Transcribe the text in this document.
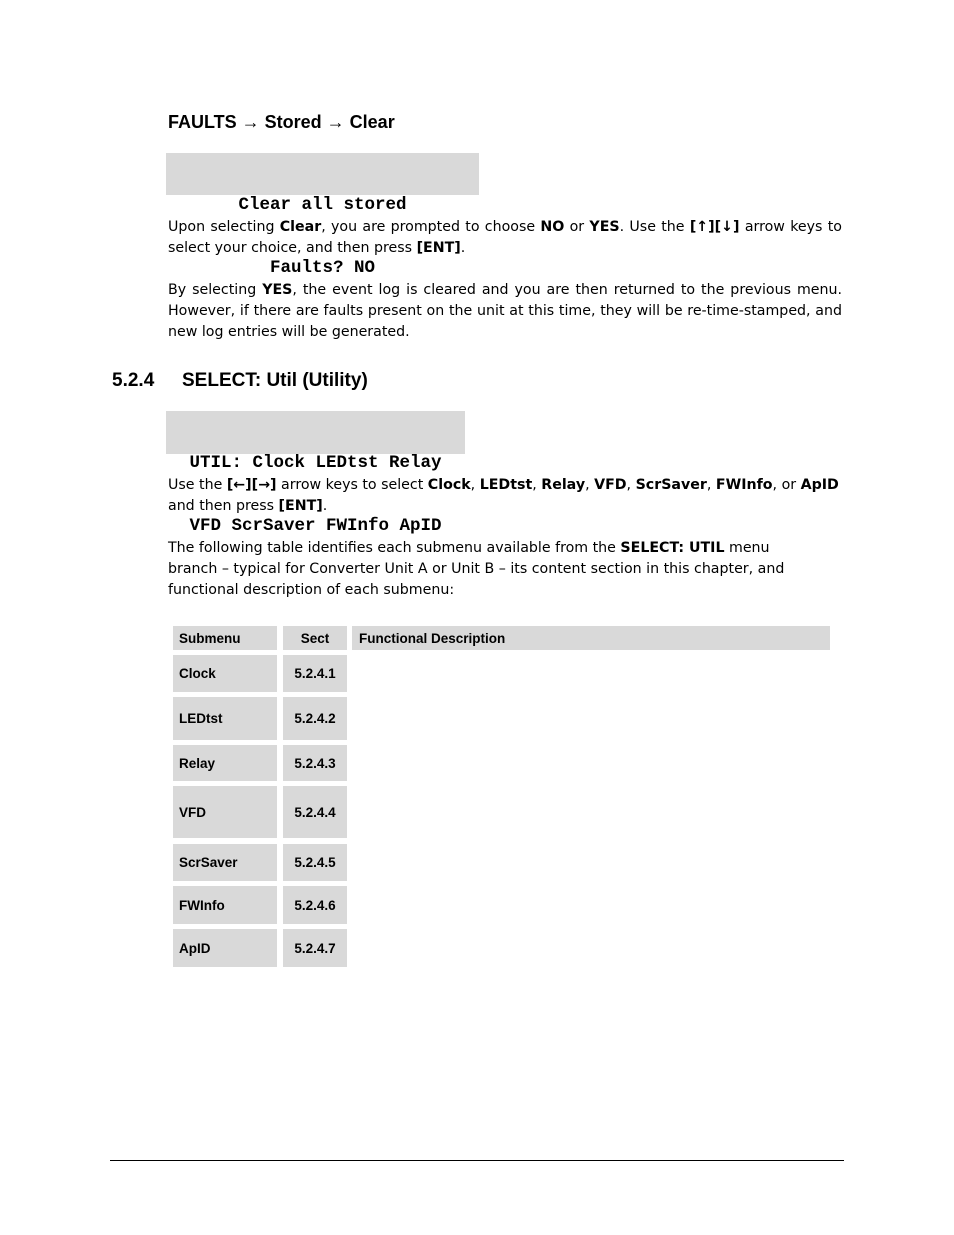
FAULTS → Stored → Clear

Clear all stored

Faults? NO

Upon selecting Clear, you are prompted to choose NO or YES. Use the [↑][↓] arrow keys to select your choice, and then press [ENT].
By selecting YES, the event log is cleared and you are then returned to the previous menu. However, if there are faults present on the unit at this time, they will be re-time-stamped, and new log entries will be generated.
5.2.4 SELECT: Util (Utility)

UTIL: Clock LEDtst Relay

VFD ScrSaver FWInfo ApID

Use the [←][→] arrow keys to select Clock, LEDtst, Relay, VFD, ScrSaver, FWInfo, or ApID and then press [ENT].
The following table identifies each submenu available from the SELECT: UTIL menu branch – typical for Converter Unit A or Unit B – its content section in this chapter, and functional description of each submenu:
Submenu	Sect	Functional Description
Clock	5.2.4.1
LEDtst	5.2.4.2
Relay	5.2.4.3
VFD	5.2.4.4
ScrSaver	5.2.4.5
FWInfo	5.2.4.6
ApID	5.2.4.7
